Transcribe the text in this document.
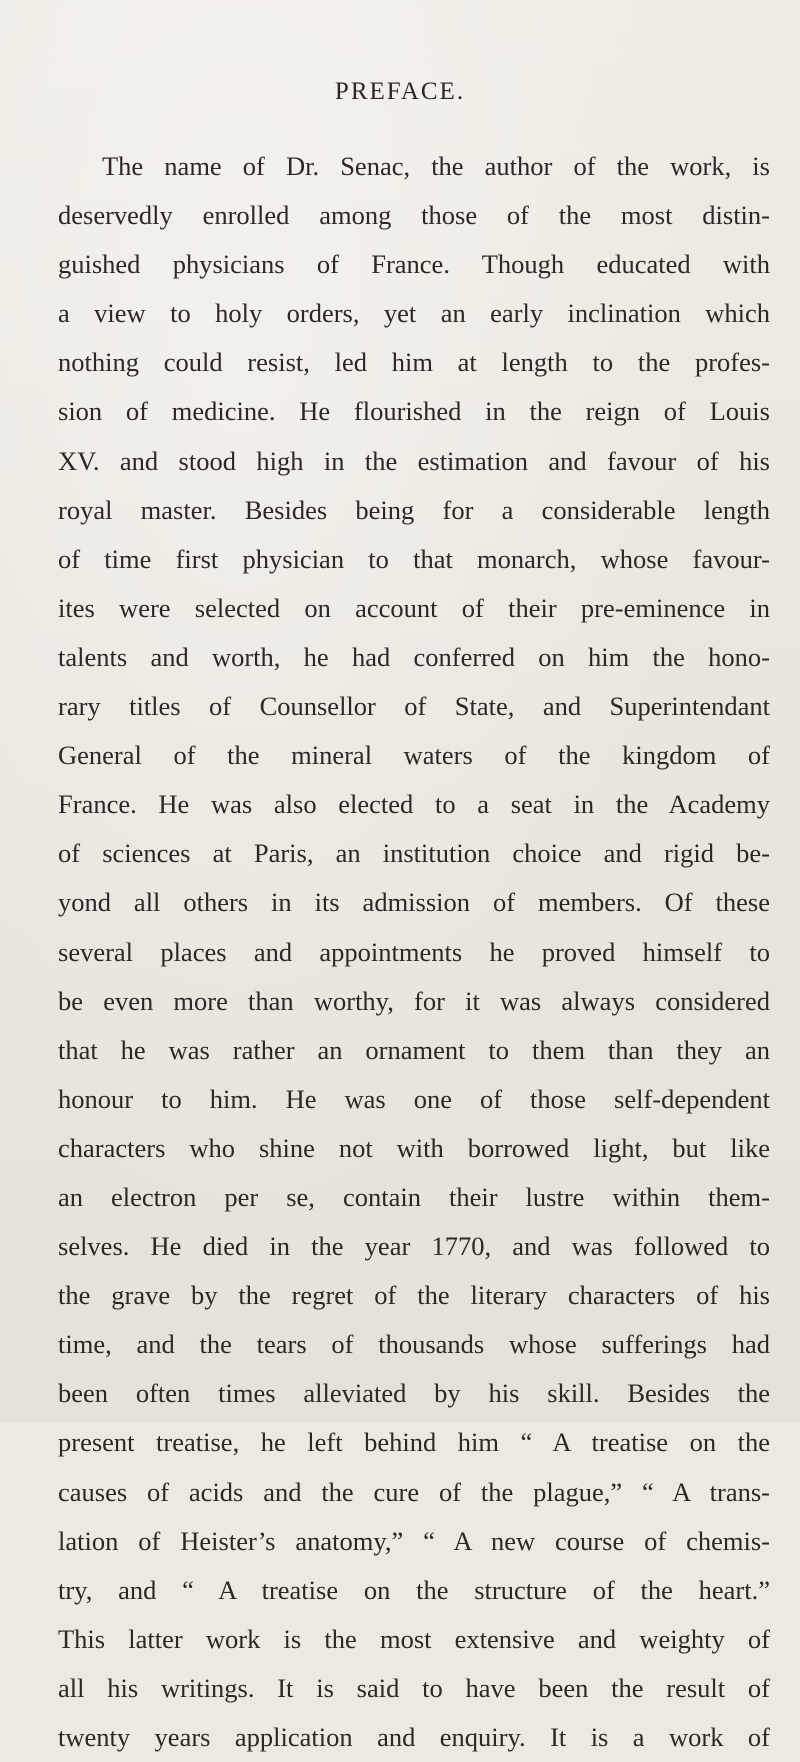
PREFACE.
The name of Dr. Senac, the author of the work, is
deservedly enrolled among those of the most distin-
guished physicians of France. Though educated with
a view to holy orders, yet an early inclination which
nothing could resist, led him at length to the profes-
sion of medicine. He flourished in the reign of Louis
XV. and stood high in the estimation and favour of his
royal master. Besides being for a considerable length
of time first physician to that monarch, whose favour-
ites were selected on account of their pre-eminence in
talents and worth, he had conferred on him the hono-
rary titles of Counsellor of State, and Superintendant
General of the mineral waters of the kingdom of
France. He was also elected to a seat in the Academy
of sciences at Paris, an institution choice and rigid be-
yond all others in its admission of members. Of these
several places and appointments he proved himself to
be even more than worthy, for it was always considered
that he was rather an ornament to them than they an
honour to him. He was one of those self-dependent
characters who shine not with borrowed light, but like
an electron per se, contain their lustre within them-
selves. He died in the year 1770, and was followed to
the grave by the regret of the literary characters of his
time, and the tears of thousands whose sufferings had
been often times alleviated by his skill. Besides the
present treatise, he left behind him “ A treatise on the
causes of acids and the cure of the plague,” “ A trans-
lation of Heister’s anatomy,” “ A new course of chemis-
try, and “ A treatise on the structure of the heart.”
This latter work is the most extensive and weighty of
all his writings. It is said to have been the result of
twenty years application and enquiry. It is a work of
